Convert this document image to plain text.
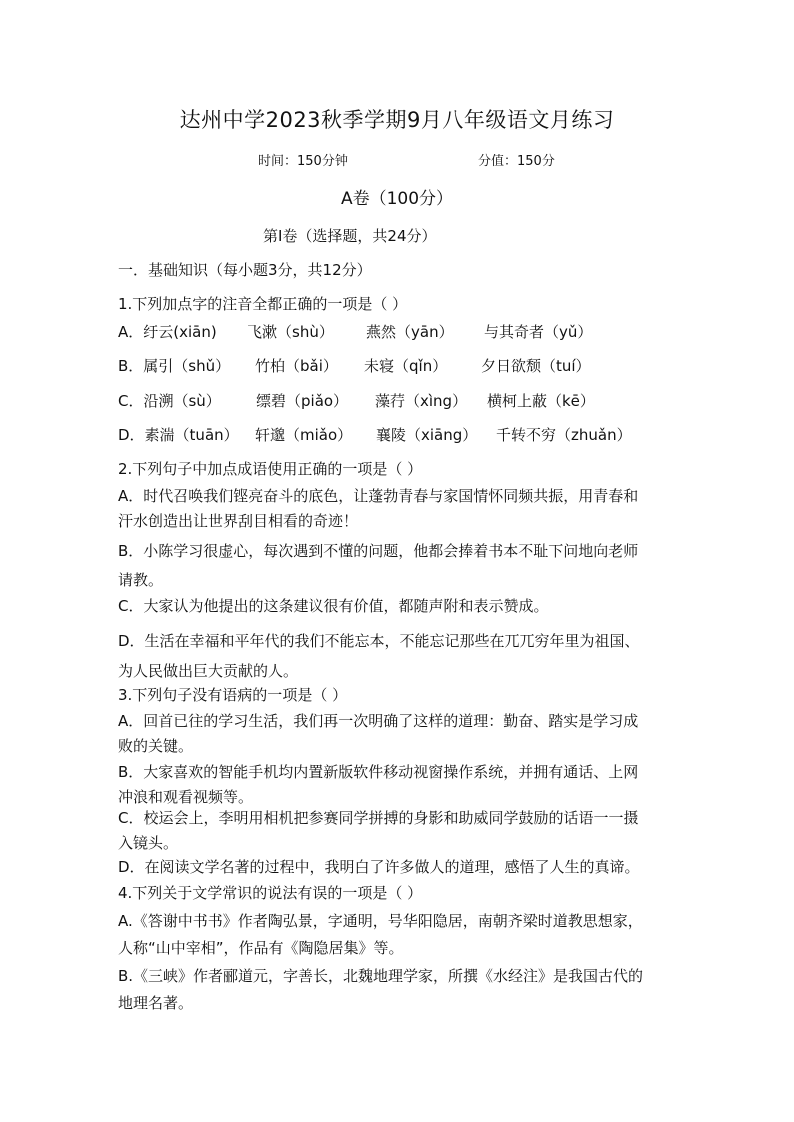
达州中学2023秋季学期9月八年级语文月练习
时间：150分钟	分值：150分
A卷（100分）
第Ⅰ卷（选择题，共24分）
一．基础知识（每小题3分，共12分）
1.下列加点字的注音全都正确的一项是（ ）
A．纡云(xiān) 飞漱（shù） 燕然（yān） 与其奇者（yǔ）
B．属引（shǔ） 竹柏（bǎi） 未寝（qǐn） 夕日欲颓（tuí）
C．沿溯（sù） 缥碧（piǎo） 藻荇（xìng） 横柯上蔽（kē）
D．素湍（tuān） 轩邈（miǎo） 襄陵（xiāng） 千转不穷（zhuǎn）
2.下列句子中加点成语使用正确的一项是（ ）
A．时代召唤我们铿亮奋斗的底色，让蓬勃青春与家国情怀同频共振，用青春和
汗水创造出让世界刮目相看的奇迹！
B．小陈学习很虚心，每次遇到不懂的问题，他都会捧着书本不耻下问地向老师
请教。
C．大家认为他提出的这条建议很有价值，都随声附和表示赞成。
D．生活在幸福和平年代的我们不能忘本，不能忘记那些在兀兀穷年里为祖国、
为人民做出巨大贡献的人。
3.下列句子没有语病的一项是（ ）
A．回首已往的学习生活，我们再一次明确了这样的道理：勤奋、踏实是学习成
败的关键。
B．大家喜欢的智能手机均内置新版软件移动视窗操作系统，并拥有通话、上网
冲浪和观看视频等。
C．校运会上，李明用相机把参赛同学拼搏的身影和助威同学鼓励的话语一一摄
入镜头。
D．在阅读文学名著的过程中，我明白了许多做人的道理，感悟了人生的真谛。
4.下列关于文学常识的说法有误的一项是（ ）
A.《答谢中书书》作者陶弘景，字通明，号华阳隐居，南朝齐梁时道教思想家，
人称“山中宰相”，作品有《陶隐居集》等。
B.《三峡》作者郦道元，字善长，北魏地理学家，所撰《水经注》是我国古代的
地理名著。
